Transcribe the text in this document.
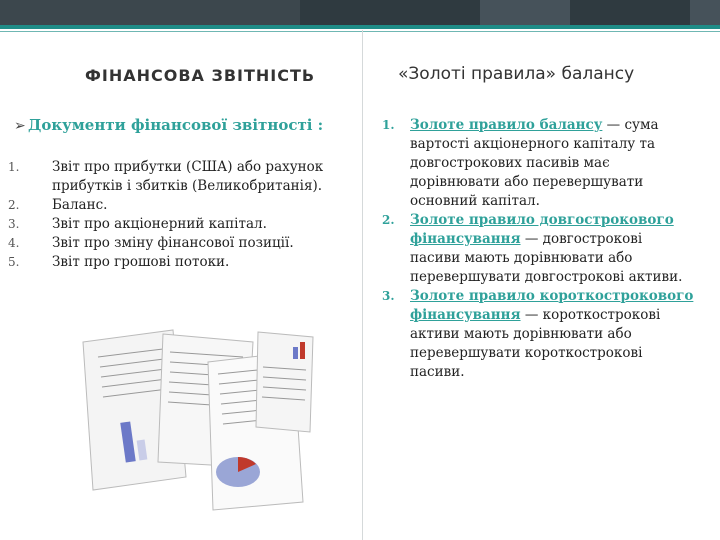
ФІНАНСОВА ЗВІТНІСТЬ	«Золоті правила» балансу
➢ Документи фінансової звітності :
1. Звіт про прибутки (США) або рахунок прибутків і збитків (Великобританія).
2. Баланс.
3. Звіт про акціонерний капітал.
4. Звіт про зміну фінансової позиції.
5. Звіт про грошові потоки.
1. Золоте правило балансу — сума вартості акціонерного капіталу та довгострокових пасивів має дорівнювати або перевершувати основний капітал.
2. Золоте правило довгострокового фінансування — довгострокові пасиви мають дорівнювати або перевершувати довгострокові активи.
3. Золоте правило короткострокового фінансування — короткострокові активи мають дорівнювати або перевершувати короткострокові пасиви.
